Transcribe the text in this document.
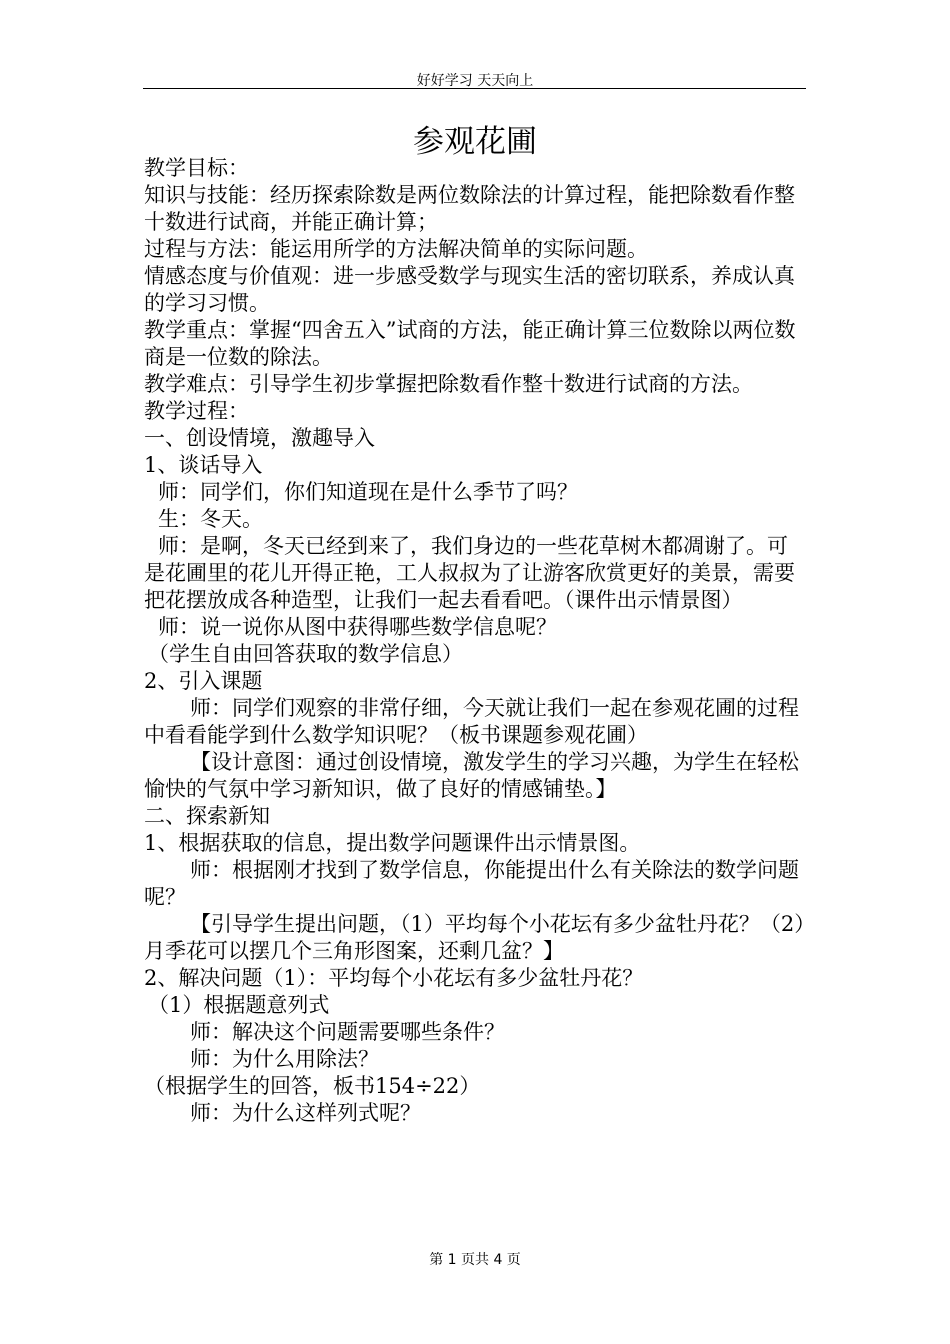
好好学习 天天向上
参观花圃

教学目标：

知识与技能：经历探索除数是两位数除法的计算过程，能把除数看作整十数进行试商，并能正确计算；

过程与方法：能运用所学的方法解决简单的实际问题。

情感态度与价值观：进一步感受数学与现实生活的密切联系，养成认真的学习习惯。

教学重点：掌握“四舍五入”试商的方法，能正确计算三位数除以两位数商是一位数的除法。

教学难点：引导学生初步掌握把除数看作整十数进行试商的方法。

教学过程：

一、创设情境，激趣导入

1、谈话导入

师：同学们，你们知道现在是什么季节了吗？

生：冬天。

师：是啊，冬天已经到来了，我们身边的一些花草树木都凋谢了。可是花圃里的花儿开得正艳，工人叔叔为了让游客欣赏更好的美景，需要把花摆放成各种造型，让我们一起去看看吧。（课件出示情景图）

师：说一说你从图中获得哪些数学信息呢？

（学生自由回答获取的数学信息）

2、引入课题

师：同学们观察的非常仔细，今天就让我们一起在参观花圃的过程中看看能学到什么数学知识呢？（板书课题参观花圃）

【设计意图：通过创设情境，激发学生的学习兴趣，为学生在轻松愉快的气氛中学习新知识，做了良好的情感铺垫。】

二、探索新知

1、根据获取的信息，提出数学问题课件出示情景图。

师：根据刚才找到了数学信息，你能提出什么有关除法的数学问题呢？

【引导学生提出问题，（1）平均每个小花坛有多少盆牡丹花？（2）月季花可以摆几个三角形图案，还剩几盆？】

2、解决问题（1）：平均每个小花坛有多少盆牡丹花？

（1）根据题意列式

师：解决这个问题需要哪些条件？

师：为什么用除法？

（根据学生的回答，板书154÷22）

师：为什么这样列式呢？

第 1 页共 4 页
